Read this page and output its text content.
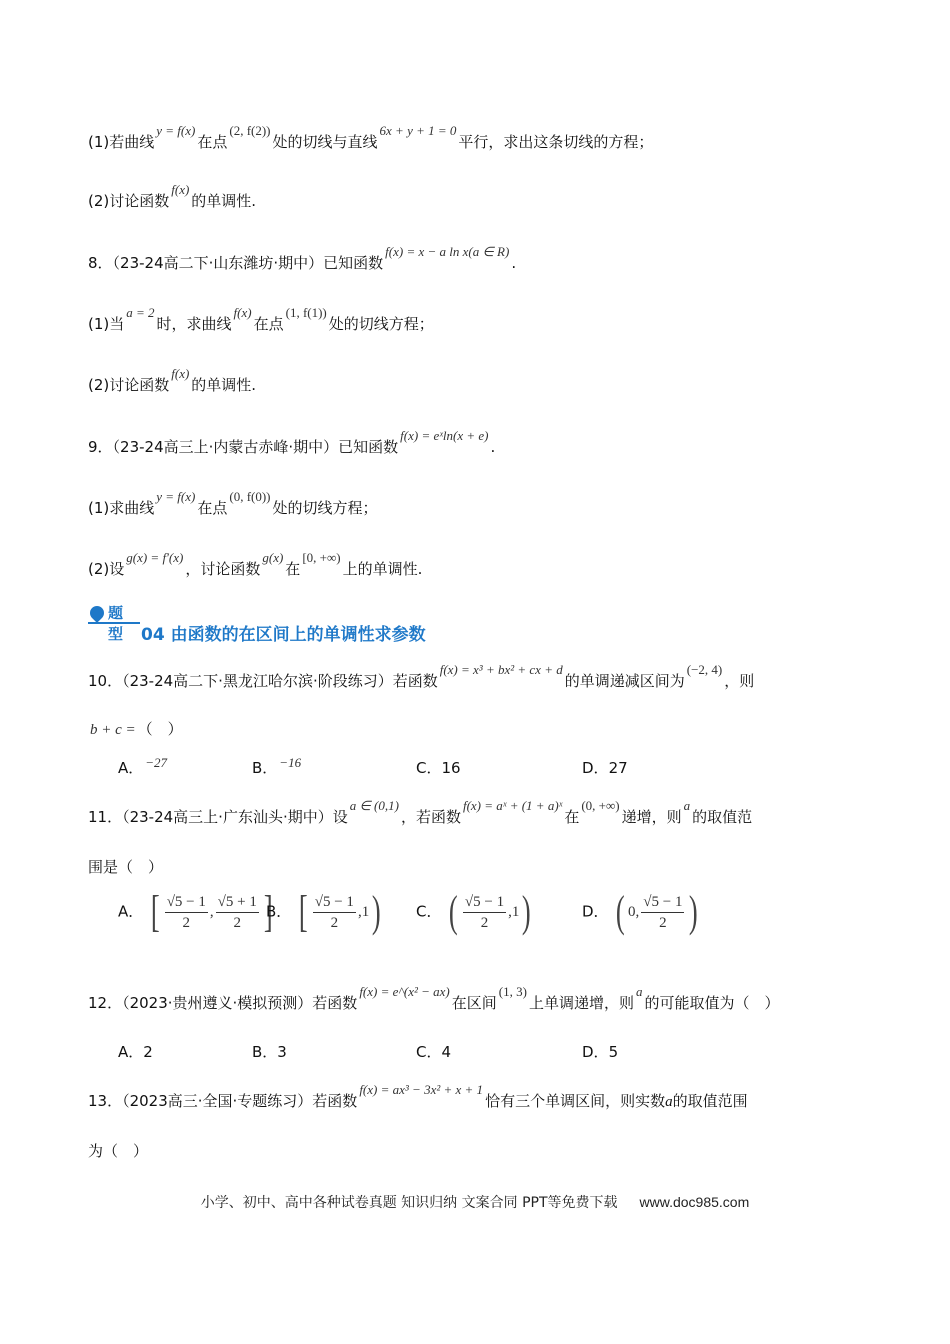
(1)若曲线y = f(x)在点(2, f(2))处的切线与直线6x + y + 1 = 0平行，求出这条切线的方程；
(2)讨论函数f(x)的单调性.
8．（23-24高二下·山东潍坊·期中）已知函数f(x) = x − a ln x(a ∈ R).
(1)当a = 2时，求曲线f(x)在点(1, f(1))处的切线方程；
(2)讨论函数f(x)的单调性.
9．（23-24高三上·内蒙古赤峰·期中）已知函数f(x) = eˣln(x + e).
(1)求曲线y = f(x)在点(0, f(0))处的切线方程；
(2)设g(x) = f′(x)，讨论函数g(x)在[0, +∞)上的单调性.
题型 04 由函数的在区间上的单调性求参数
10．（23-24高二下·黑龙江哈尔滨·阶段练习）若函数f(x) = x³ + bx² + cx + d的单调递减区间为(−2, 4)，则
b + c = （　）
A． −27	B． −16	C．16	D．27
11．（23-24高三上·广东汕头·期中）设a ∈ (0,1)，若函数f(x) = aˣ + (1 + a)ˣ在(0, +∞)递增，则a的取值范
围是（　）
A． [ $\frac{√5 - 1}{2}$ , $\frac{√5 + 1}{2}$ ]
B． [ $\frac{√5 - 1}{2} ,1$ ) C． ( $\frac{√5 - 1}{2} ,1$ )	D． ( 0, $\frac{√5 - 1}{2}$ )
12．（2023·贵州遵义·模拟预测）若函数f(x) = e^(x² − ax)在区间(1, 3)上单调递增，则a的可能取值为（　）
A．2	B．3	C．4	D．5
13．（2023高三·全国·专题练习）若函数f(x) = ax³ − 3x² + x + 1恰有三个单调区间，则实数a的取值范围
为（　）
小学、初中、高中各种试卷真题 知识归纳 文案合同 PPT等免费下载 www.doc985.com
